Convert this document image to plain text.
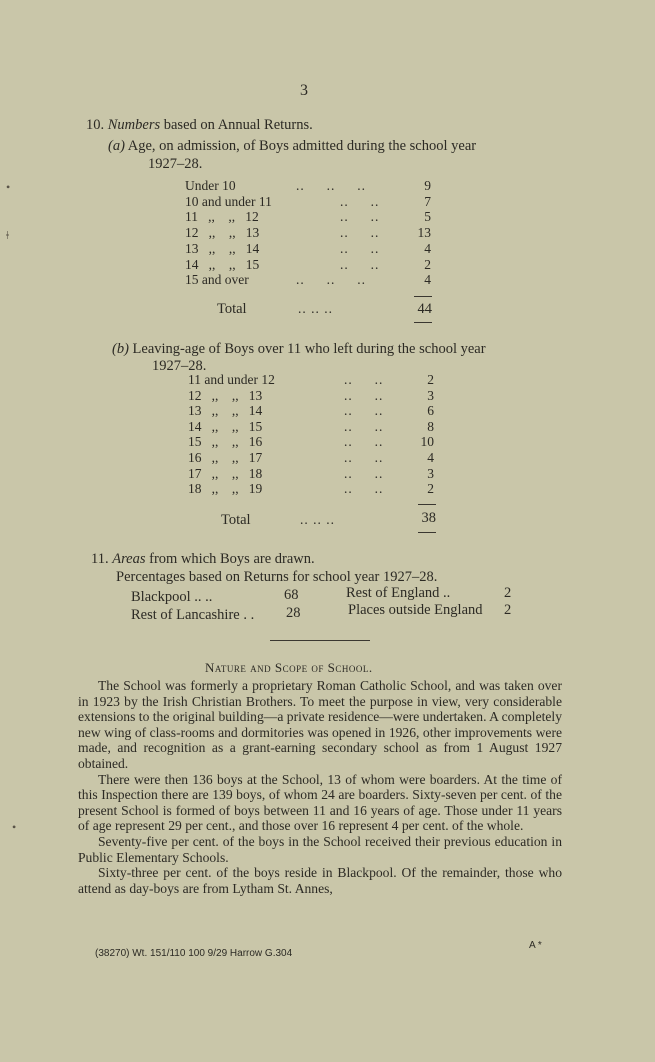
3
10. Numbers based on Annual Returns.
(a) Age, on admission, of Boys admitted during the school year
1927–28.
Under 10	..     ..     ..	9
10 and under 11	..     ..	7
11   ,,    ,,   12	..     ..	5
12   ,,    ,,   13	..     ..	13
13   ,,    ,,   14	..     ..	4
14   ,,    ,,   15	..     ..	2
15 and over	..     ..     ..	4
Total	.. .. ..	44
(b) Leaving-age of Boys over 11 who left during the school year
1927–28.
11 and under 12	..     ..	2
12   ,,    ,,   13	..     ..	3
13   ,,    ,,   14	..     ..	6
14   ,,    ,,   15	..     ..	8
15   ,,    ,,   16	..     ..	10
16   ,,    ,,   17	..     ..	4
17   ,,    ,,   18	..     ..	3
18   ,,    ,,   19	..     ..	2
Total	.. .. ..	38
11. Areas from which Boys are drawn.
Percentages based on Returns for school year 1927–28.
Blackpool .. ..	68
Rest of Lancashire . . 28
Rest of England ..	2
Places outside England 2
Nature and Scope of School.

The School was formerly a proprietary Roman Catholic School, and was taken over in 1923 by the Irish Christian Brothers. To meet the purpose in view, very considerable extensions to the original building—a private residence—were undertaken. A completely new wing of class-rooms and dormitories was opened in 1926, other improvements were made, and recognition as a grant-earning secondary school as from 1 August 1927 obtained.

There were then 136 boys at the School, 13 of whom were boarders. At the time of this Inspection there are 139 boys, of whom 24 are boarders. Sixty-seven per cent. of the present School is formed of boys between 11 and 16 years of age. Those under 11 years of age represent 29 per cent., and those over 16 represent 4 per cent. of the whole.

Seventy-five per cent. of the boys in the School received their previous education in Public Elementary Schools.

Sixty-three per cent. of the boys reside in Blackpool. Of the remainder, those who attend as day-boys are from Lytham St. Annes,

(38270) Wt. 151/110 100 9/29 Harrow G.304
A *
•
ǂ
•
